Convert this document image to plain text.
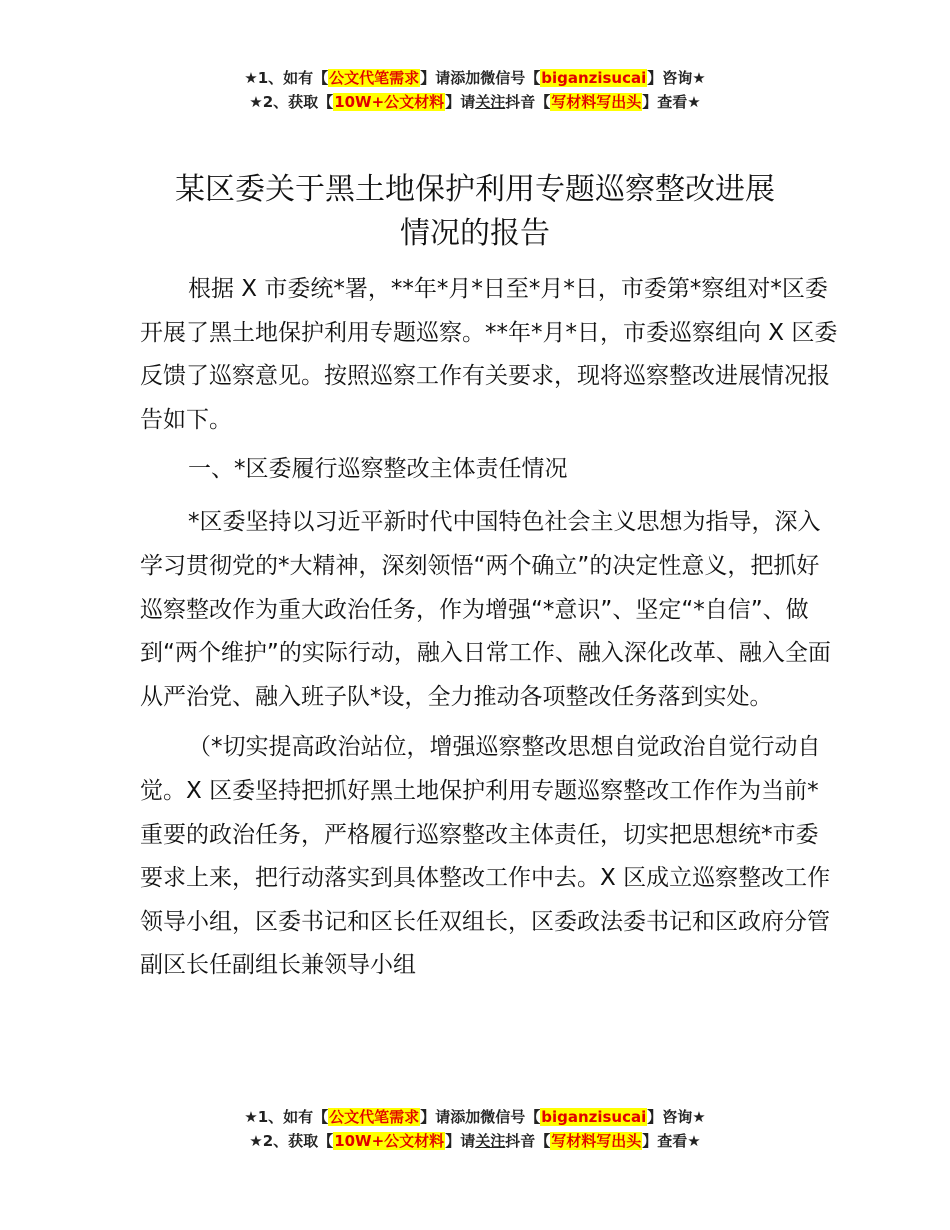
★1、如有【公文代笔需求】请添加微信号【biganzisucai】咨询★
★2、获取【10W+公文材料】请关注抖音【写材料写出头】查看★
某区委关于黑土地保护利用专题巡察整改进展
情况的报告

根据 X 市委统*署，**年*月*日至*月*日，市委第*察组对*区委开展了黑土地保护利用专题巡察。**年*月*日，市委巡察组向 X 区委反馈了巡察意见。按照巡察工作有关要求，现将巡察整改进展情况报告如下。

一、*区委履行巡察整改主体责任情况

*区委坚持以习近平新时代中国特色社会主义思想为指导，深入学习贯彻党的*大精神，深刻领悟“两个确立”的决定性意义，把抓好巡察整改作为重大政治任务，作为增强“*意识”、坚定“*自信”、做到“两个维护”的实际行动，融入日常工作、融入深化改革、融入全面从严治党、融入班子队*设，全力推动各项整改任务落到实处。

（*切实提高政治站位，增强巡察整改思想自觉政治自觉行动自觉。X 区委坚持把抓好黑土地保护利用专题巡察整改工作作为当前*重要的政治任务，严格履行巡察整改主体责任，切实把思想统*市委要求上来，把行动落实到具体整改工作中去。X 区成立巡察整改工作领导小组，区委书记和区长任双组长，区委政法委书记和区政府分管副区长任副组长兼领导小组

★1、如有【公文代笔需求】请添加微信号【biganzisucai】咨询★
★2、获取【10W+公文材料】请关注抖音【写材料写出头】查看★
